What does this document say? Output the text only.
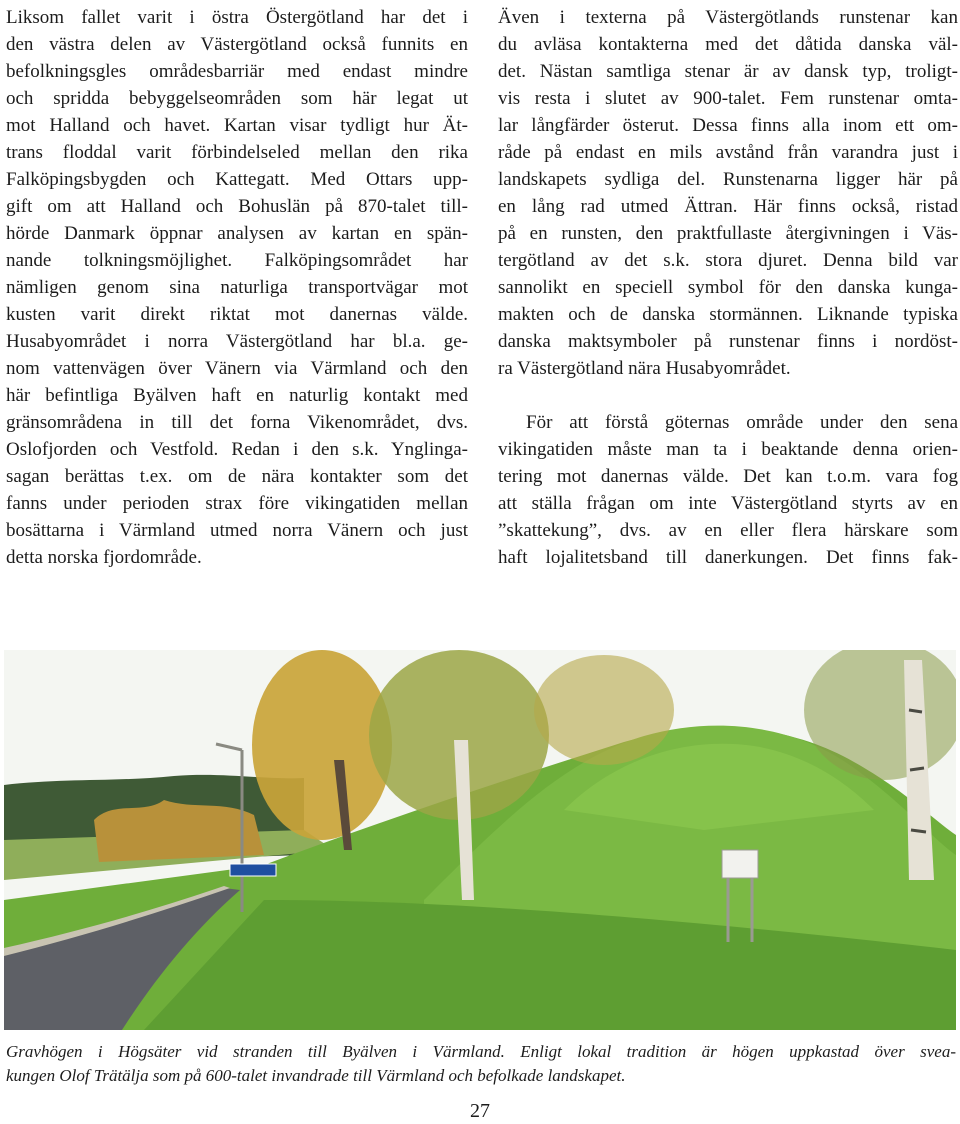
Liksom fallet varit i östra Östergötland har det i
den västra delen av Västergötland också funnits en
befolkningsgles områdesbarriär med endast mindre
och spridda bebyggelseområden som här legat ut
mot Halland och havet. Kartan visar tydligt hur Ät-
trans floddal varit förbindelseled mellan den rika
Falköpingsbygden och Kattegatt. Med Ottars upp-
gift om att Halland och Bohuslän på 870-talet till-
hörde Danmark öppnar analysen av kartan en spän-
nande tolkningsmöjlighet. Falköpingsområdet har
nämligen genom sina naturliga transportvägar mot
kusten varit direkt riktat mot danernas välde.
Husabyområdet i norra Västergötland har bl.a. ge-
nom vattenvägen över Vänern via Värmland och den
här befintliga Byälven haft en naturlig kontakt med
gränsområdena in till det forna Vikenområdet, dvs.
Oslofjorden och Vestfold. Redan i den s.k. Ynglinga-
sagan berättas t.ex. om de nära kontakter som det
fanns under perioden strax före vikingatiden mellan
bosättarna i Värmland utmed norra Vänern och just
detta norska fjordområde.
Även i texterna på Västergötlands runstenar kan
du avläsa kontakterna med det dåtida danska väl-
det. Nästan samtliga stenar är av dansk typ, troligt-
vis resta i slutet av 900-talet. Fem runstenar omta-
lar långfärder österut. Dessa finns alla inom ett om-
råde på endast en mils avstånd från varandra just i
landskapets sydliga del. Runstenarna ligger här på
en lång rad utmed Ättran. Här finns också, ristad
på en runsten, den praktfullaste återgivningen i Väs-
tergötland av det s.k. stora djuret. Denna bild var
sannolikt en speciell symbol för den danska kunga-
makten och de danska stormännen. Liknande typiska
danska maktsymboler på runstenar finns i nordöst-
ra Västergötland nära Husabyområdet.
För att förstå göternas område under den sena
vikingatiden måste man ta i beaktande denna orien-
tering mot danernas välde. Det kan t.o.m. vara fog
att ställa frågan om inte Västergötland styrts av en
”skattekung”, dvs. av en eller flera härskare som
haft lojalitetsband till danerkungen. Det finns fak-
Gravhögen i Högsäter vid stranden till Byälven i Värmland. Enligt lokal tradition är högen uppkastad över svea-
kungen Olof Trätälja som på 600-talet invandrade till Värmland och befolkade landskapet.
27
